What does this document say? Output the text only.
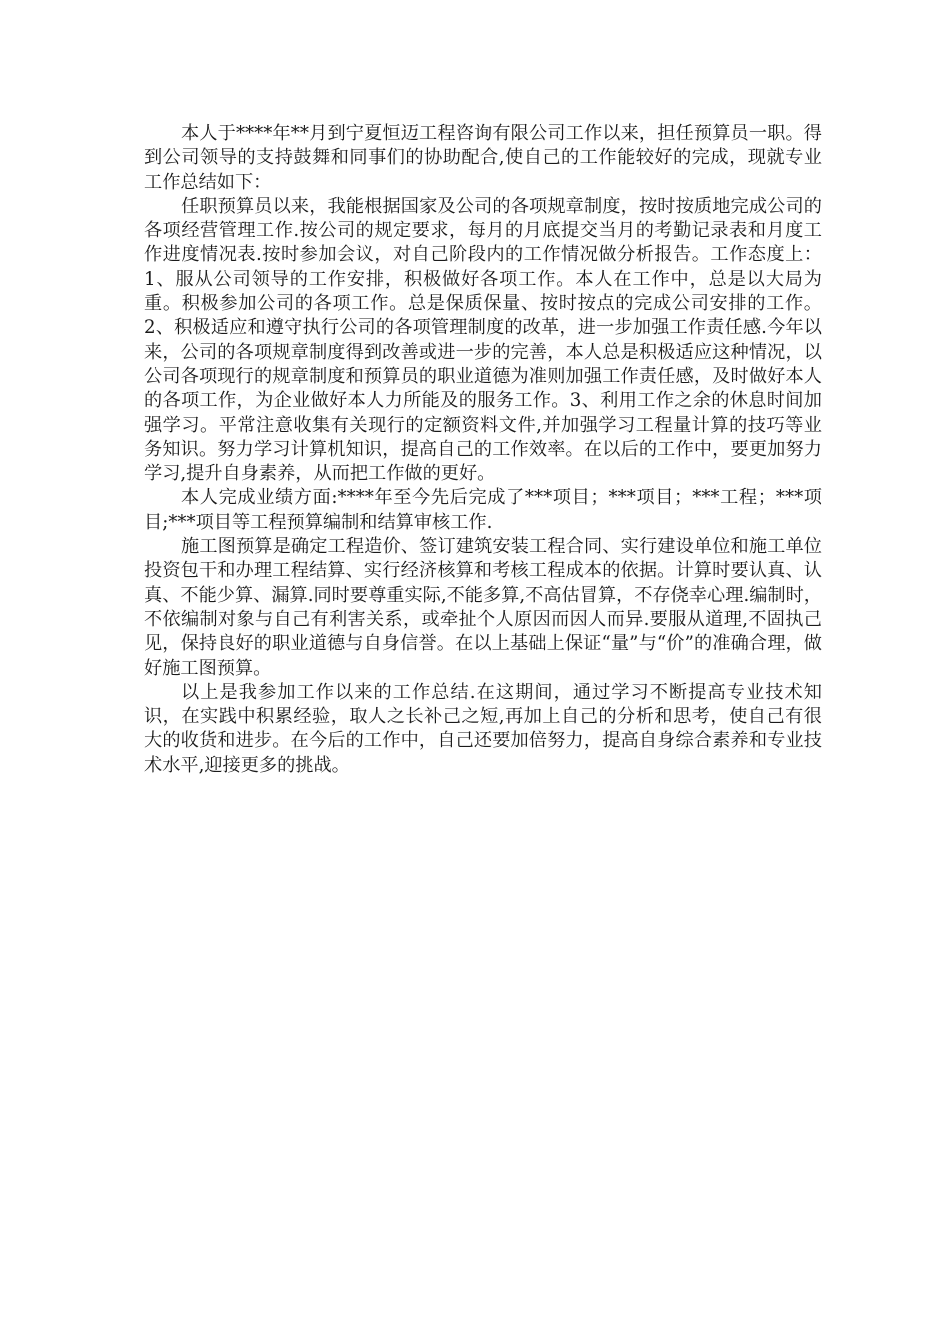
本人于****年**月到宁夏恒迈工程咨询有限公司工作以来，担任预算员一职。得到公司领导的支持鼓舞和同事们的协助配合,使自己的工作能较好的完成，现就专业工作总结如下：

任职预算员以来，我能根据国家及公司的各项规章制度，按时按质地完成公司的各项经营管理工作.按公司的规定要求，每月的月底提交当月的考勤记录表和月度工作进度情况表.按时参加会议，对自己阶段内的工作情况做分析报告。工作态度上：1、服从公司领导的工作安排，积极做好各项工作。本人在工作中，总是以大局为重。积极参加公司的各项工作。总是保质保量、按时按点的完成公司安排的工作。2、积极适应和遵守执行公司的各项管理制度的改革，进一步加强工作责任感.今年以来，公司的各项规章制度得到改善或进一步的完善，本人总是积极适应这种情况，以公司各项现行的规章制度和预算员的职业道德为准则加强工作责任感，及时做好本人的各项工作，为企业做好本人力所能及的服务工作。3、利用工作之余的休息时间加强学习。平常注意收集有关现行的定额资料文件,并加强学习工程量计算的技巧等业务知识。努力学习计算机知识，提高自己的工作效率。在以后的工作中，要更加努力学习,提升自身素养，从而把工作做的更好。

本人完成业绩方面:****年至今先后完成了***项目；***项目；***工程；***项目;***项目等工程预算编制和结算审核工作.

施工图预算是确定工程造价、签订建筑安装工程合同、实行建设单位和施工单位投资包干和办理工程结算、实行经济核算和考核工程成本的依据。计算时要认真、认真、不能少算、漏算.同时要尊重实际,不能多算,不高估冒算，不存侥幸心理.编制时，不依编制对象与自己有利害关系，或牵扯个人原因而因人而异.要服从道理,不固执己见，保持良好的职业道德与自身信誉。在以上基础上保证“量”与“价”的准确合理，做好施工图预算。

以上是我参加工作以来的工作总结.在这期间，通过学习不断提高专业技术知识，在实践中积累经验，取人之长补己之短,再加上自己的分析和思考，使自己有很大的收货和进步。在今后的工作中，自己还要加倍努力，提高自身综合素养和专业技术水平,迎接更多的挑战。
